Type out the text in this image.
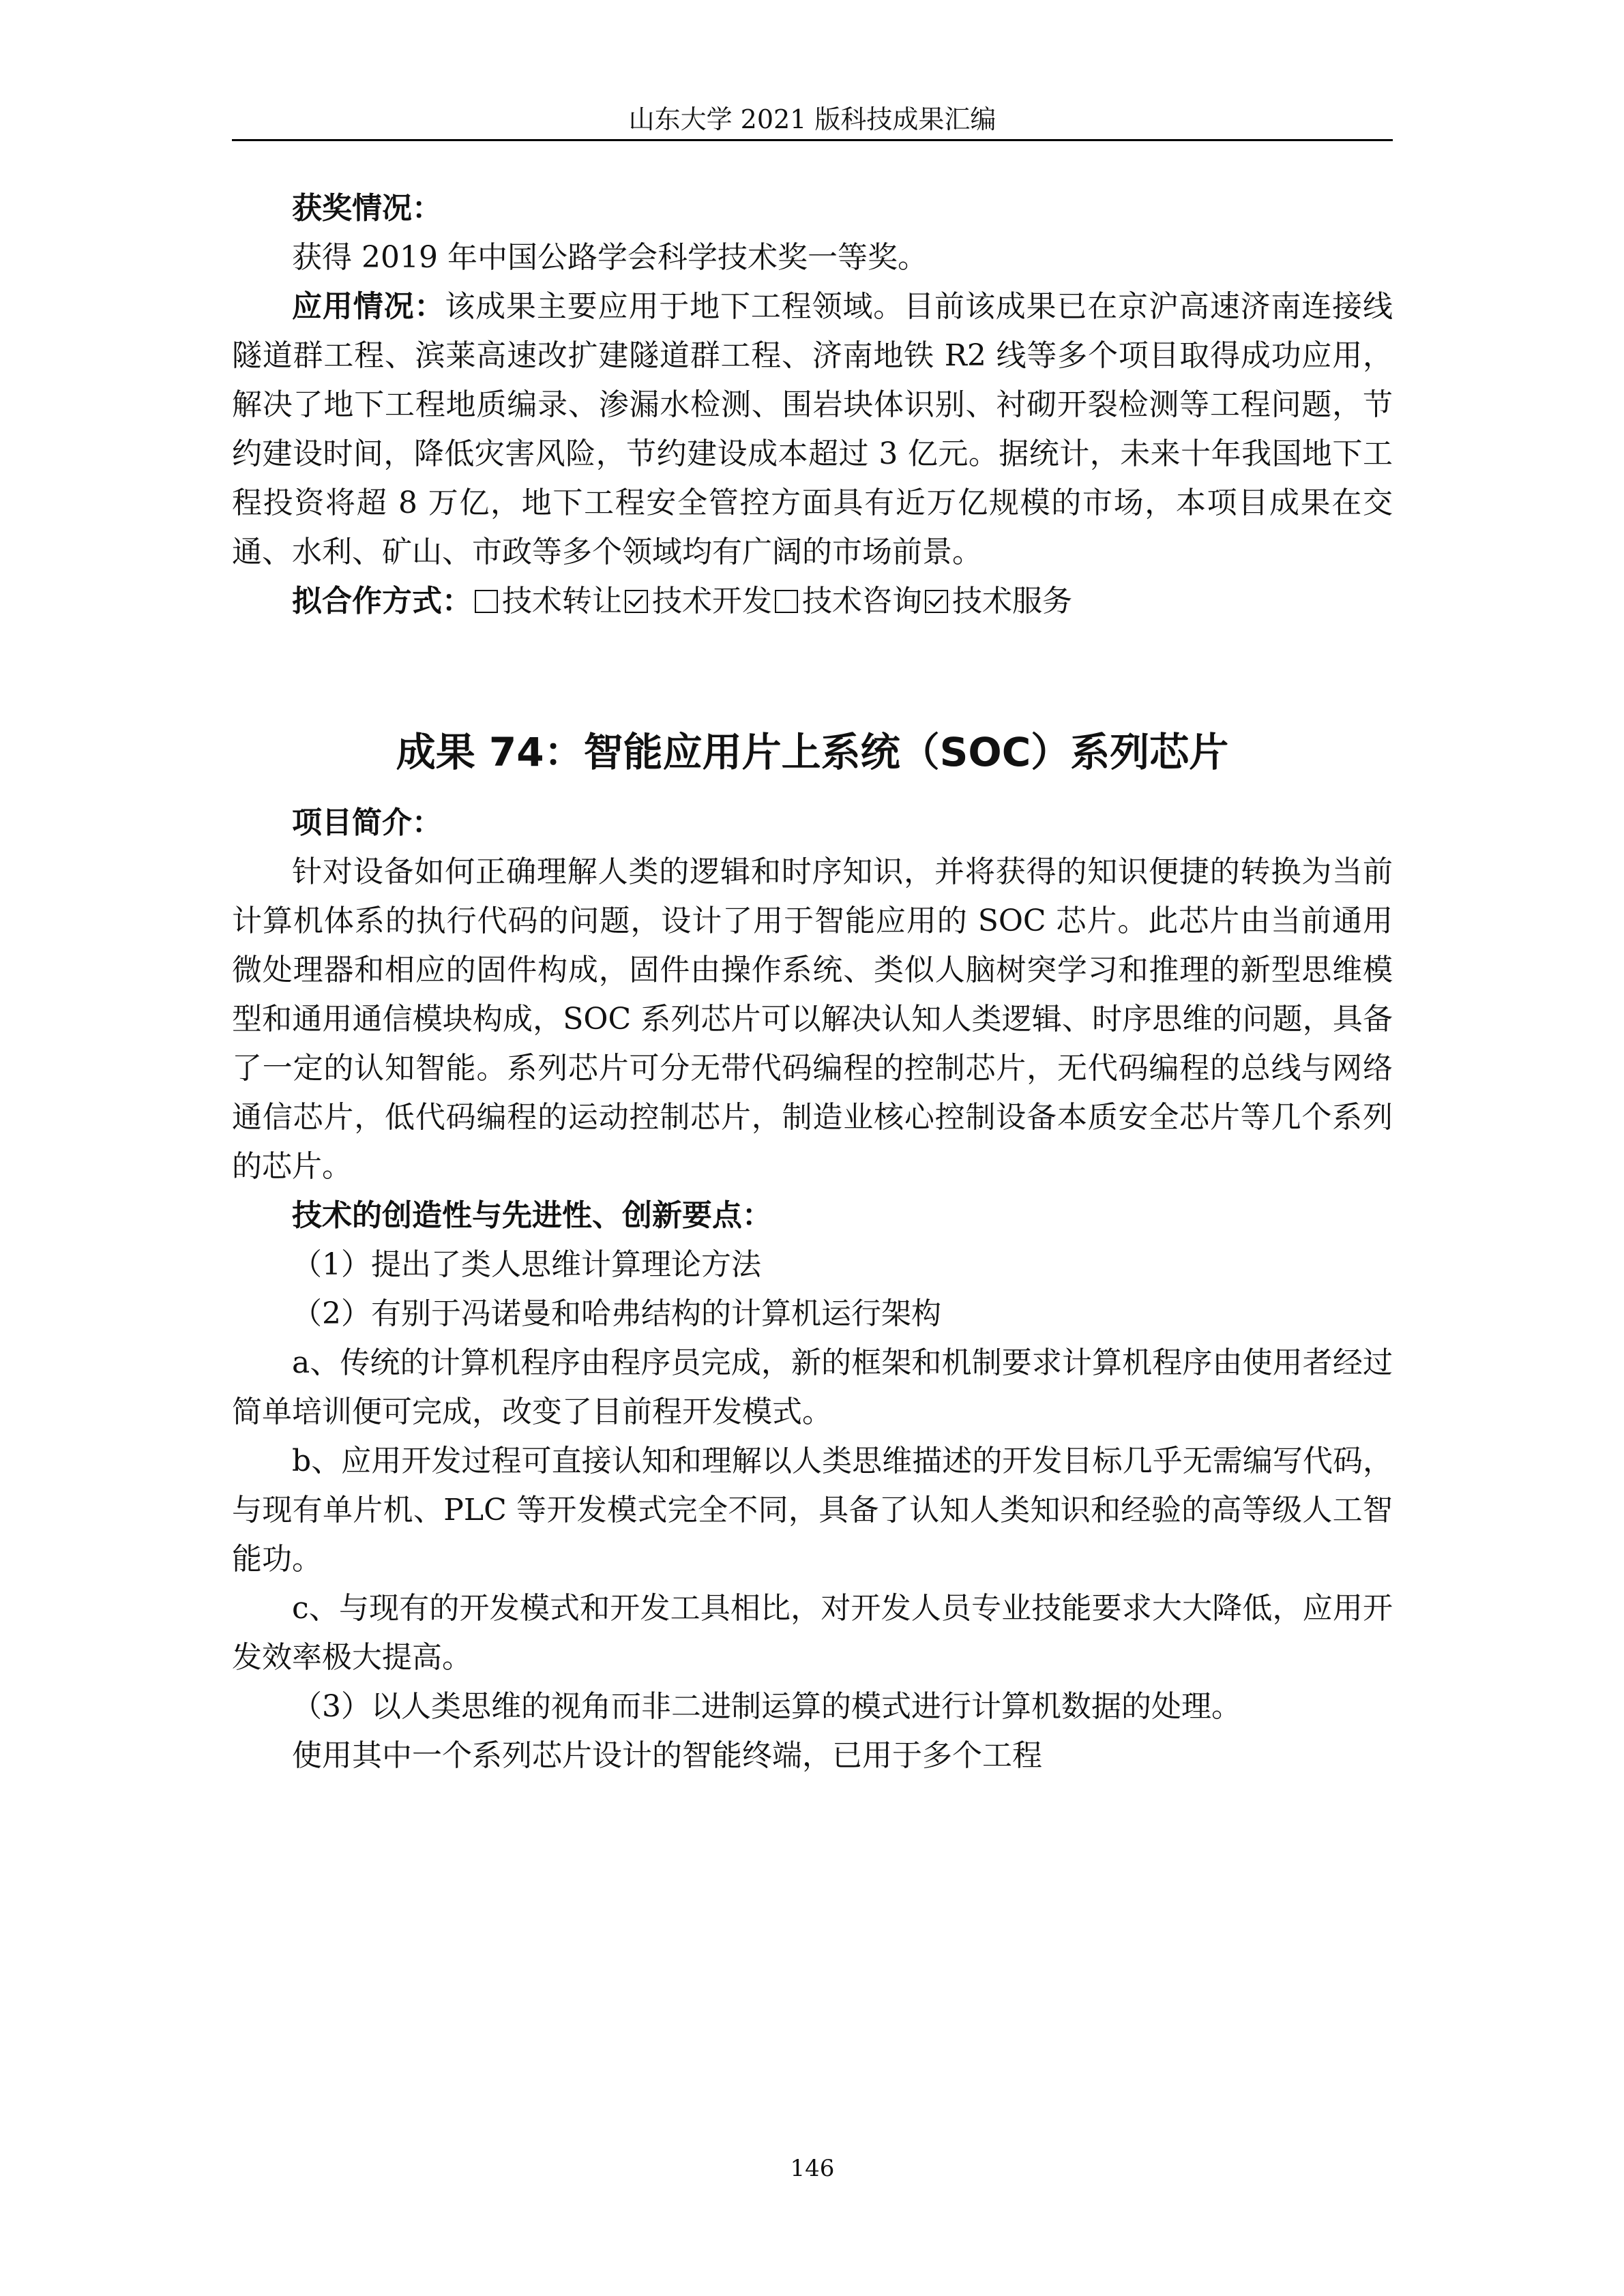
山东大学 2021 版科技成果汇编

获奖情况：

获得 2019 年中国公路学会科学技术奖一等奖。

应用情况：该成果主要应用于地下工程领域。目前该成果已在京沪高速济南连接线隧道群工程、滨莱高速改扩建隧道群工程、济南地铁 R2 线等多个项目取得成功应用，解决了地下工程地质编录、渗漏水检测、围岩块体识别、衬砌开裂检测等工程问题，节约建设时间，降低灾害风险，节约建设成本超过 3 亿元。据统计，未来十年我国地下工程投资将超 8 万亿，地下工程安全管控方面具有近万亿规模的市场，本项目成果在交通、水利、矿山、市政等多个领域均有广阔的市场前景。

拟合作方式： 技术转让 技术开发 技术咨询 技术服务

成果 74：智能应用片上系统（SOC）系列芯片

项目简介：

针对设备如何正确理解人类的逻辑和时序知识，并将获得的知识便捷的转换为当前计算机体系的执行代码的问题，设计了用于智能应用的 SOC 芯片。此芯片由当前通用微处理器和相应的固件构成，固件由操作系统、类似人脑树突学习和推理的新型思维模型和通用通信模块构成，SOC 系列芯片可以解决认知人类逻辑、时序思维的问题，具备了一定的认知智能。系列芯片可分无带代码编程的控制芯片，无代码编程的总线与网络通信芯片，低代码编程的运动控制芯片，制造业核心控制设备本质安全芯片等几个系列的芯片。

技术的创造性与先进性、创新要点：

（1）提出了类人思维计算理论方法

（2）有别于冯诺曼和哈弗结构的计算机运行架构

a、传统的计算机程序由程序员完成，新的框架和机制要求计算机程序由使用者经过简单培训便可完成，改变了目前程开发模式。

b、应用开发过程可直接认知和理解以人类思维描述的开发目标几乎无需编写代码，与现有单片机、PLC 等开发模式完全不同，具备了认知人类知识和经验的高等级人工智能功。

c、与现有的开发模式和开发工具相比，对开发人员专业技能要求大大降低，应用开发效率极大提高。

（3）以人类思维的视角而非二进制运算的模式进行计算机数据的处理。

使用其中一个系列芯片设计的智能终端，已用于多个工程

146
